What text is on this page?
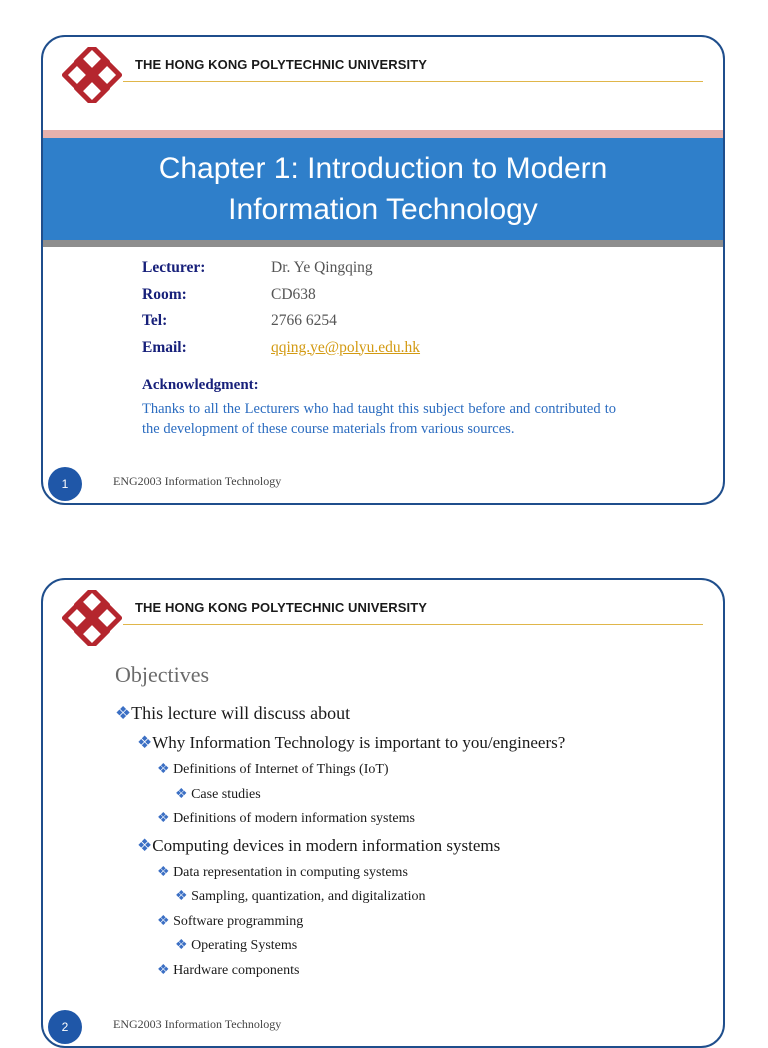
THE HONG KONG POLYTECHNIC UNIVERSITY
Chapter 1: Introduction to Modern
Information Technology
Lecturer:	Dr. Ye Qingqing
Room:	CD638
Tel:	2766 6254
Email:	qqing.ye@polyu.edu.hk
Acknowledgment:
Thanks to all the Lecturers who had taught this subject before and contributed to the development of these course materials from various sources.
1	ENG2003 Information Technology
THE HONG KONG POLYTECHNIC UNIVERSITY
Objectives
❖This lecture will discuss about
❖Why Information Technology is important to you/engineers?
❖ Definitions of Internet of Things (IoT)
❖ Case studies
❖ Definitions of modern information systems
❖Computing devices in modern information systems
❖ Data representation in computing systems
❖ Sampling, quantization, and digitalization
❖ Software programming
❖ Operating Systems
❖ Hardware components
2	ENG2003 Information Technology
